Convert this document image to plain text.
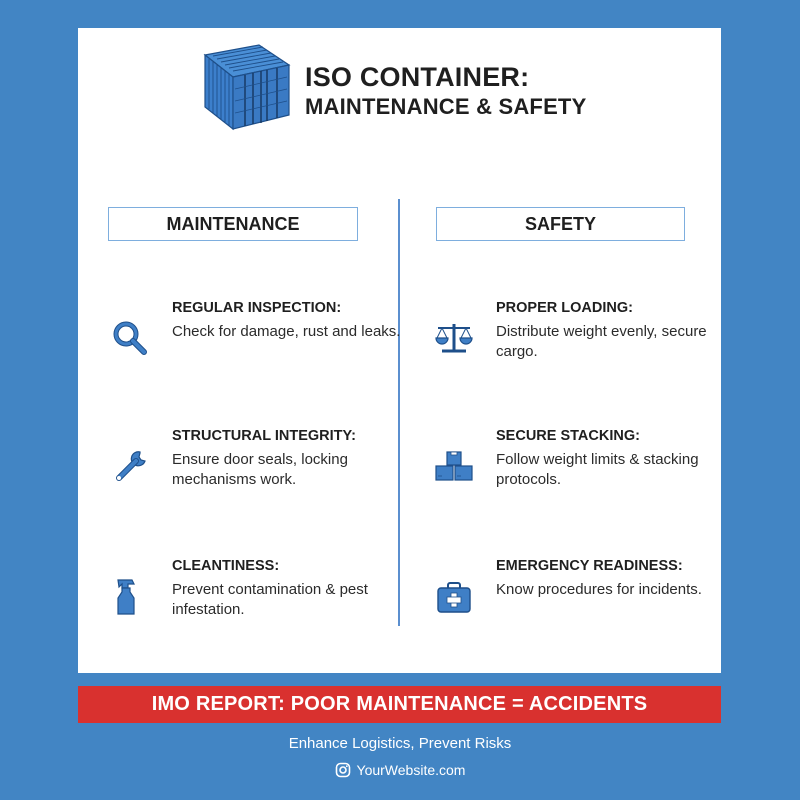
ISO CONTAINER:
MAINTENANCE & SAFETY
MAINTENANCE	SAFETY
REGULAR INSPECTION:
Check for damage, rust and leaks.
STRUCTURAL INTEGRITY:
Ensure door seals, locking mechanisms work.
CLEANTINESS:
Prevent contamination & pest infestation.
PROPER LOADING:
Distribute weight evenly, secure cargo.
SECURE STACKING:
Follow weight limits & stacking protocols.
EMERGENCY READINESS:
Know procedures for incidents.
IMO REPORT: POOR MAINTENANCE = ACCIDENTS
Enhance Logistics, Prevent Risks
YourWebsite.com
